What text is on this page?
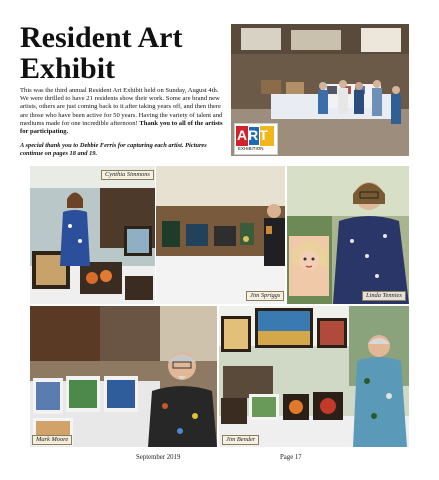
Resident Art
Exhibit

This was the third annual Resident Art Exhibit held on Sunday, August 4th. We were thrilled to have 21 residents show their work. Some are brand new artists, others are just coming back to it after taking years off, and then there are those who have been active for 50 years. Having the variety of talent and mediums made for one incredible afternoon! Thank you to all of the artists for participating.

A special thank you to Debbie Ferris for capturing each artist. Pictures continue on pages 18 and 19.

ART
EXHIBITION
Cynthia Simmons
Jim Spriggs	Linda Tennies
Mark Moore	Jim Bender
September 2019	Page 17
